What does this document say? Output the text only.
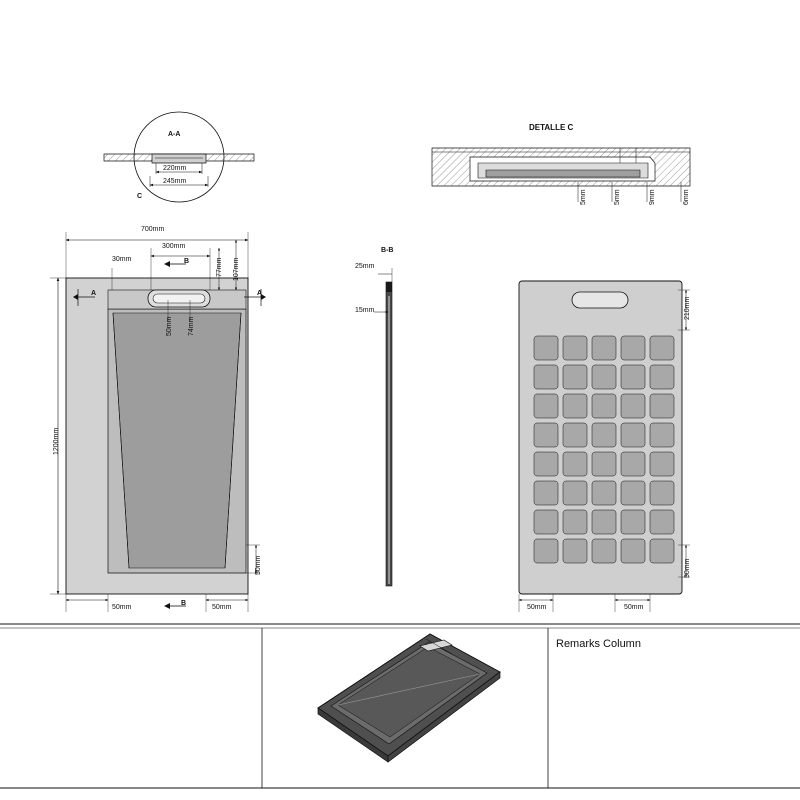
A-A
C
220mm
245mm
DETALLE C
5mm	5mm	9mm	6mm
700mm
300mm
30mm	77mm 107mm
A	A
B
B
50mm 74mm
1200mm
50mm
50mm	50mm
B-B
25mm
15mm	210mm
50mm
50mm	50mm
Remarks Column
